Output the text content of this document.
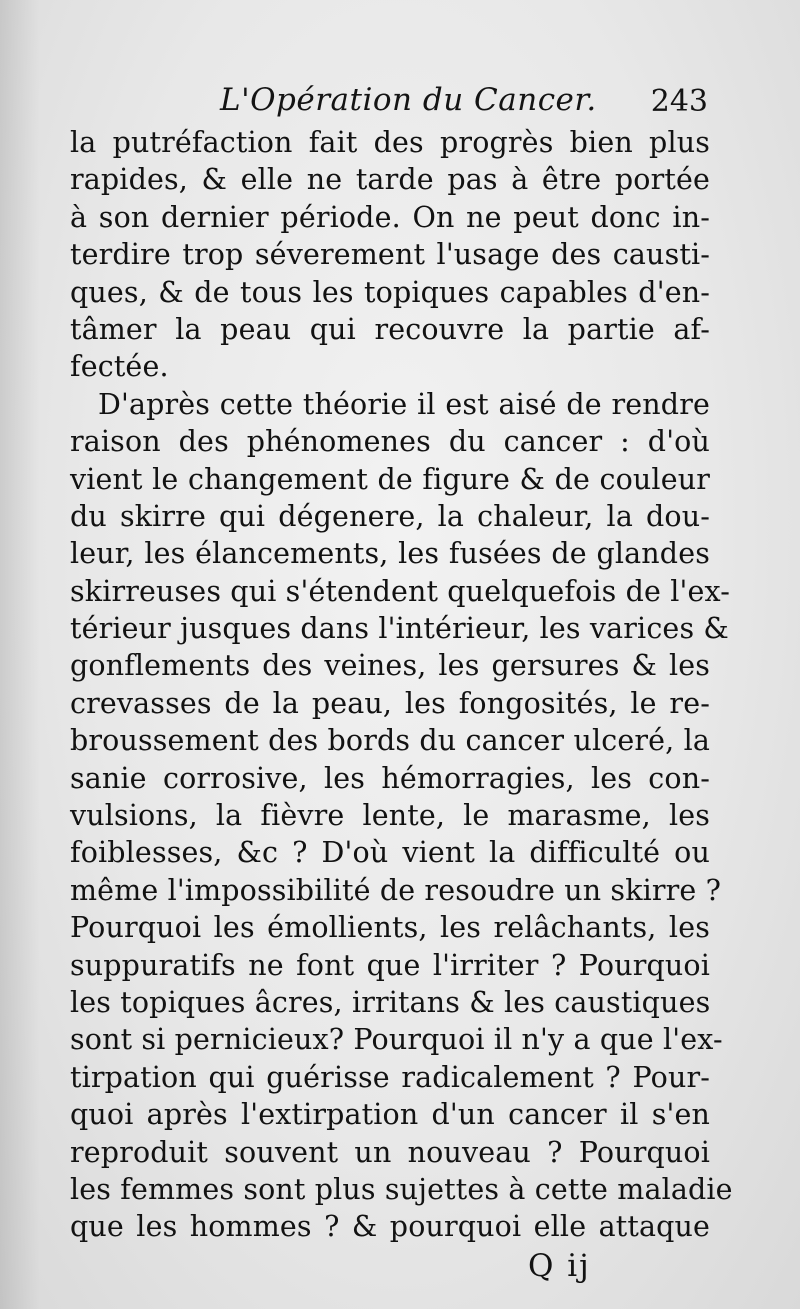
L'Opération du Cancer. 243
la putréfaction fait des progrès bien plus
rapides, & elle ne tarde pas à être portée
à son dernier période. On ne peut donc in-
terdire trop séverement l'usage des causti-
ques, & de tous les topiques capables d'en-
tâmer la peau qui recouvre la partie af-
fectée.
D'après cette théorie il est aisé de rendre
raison des phénomenes du cancer : d'où
vient le changement de figure & de couleur
du skirre qui dégenere, la chaleur, la dou-
leur, les élancements, les fusées de glandes
skirreuses qui s'étendent quelquefois de l'ex-
térieur jusques dans l'intérieur, les varices &
gonflements des veines, les gersures & les
crevasses de la peau, les fongosités, le re-
broussement des bords du cancer ulceré, la
sanie corrosive, les hémorragies, les con-
vulsions, la fièvre lente, le marasme, les
foiblesses, &c ? D'où vient la difficulté ou
même l'impossibilité de resoudre un skirre ?
Pourquoi les émollients, les relâchants, les
suppuratifs ne font que l'irriter ? Pourquoi
les topiques âcres, irritans & les caustiques
sont si pernicieux? Pourquoi il n'y a que l'ex-
tirpation qui guérisse radicalement ? Pour-
quoi après l'extirpation d'un cancer il s'en
reproduit souvent un nouveau ? Pourquoi
les femmes sont plus sujettes à cette maladie
que les hommes ? & pourquoi elle attaque
Q ij
